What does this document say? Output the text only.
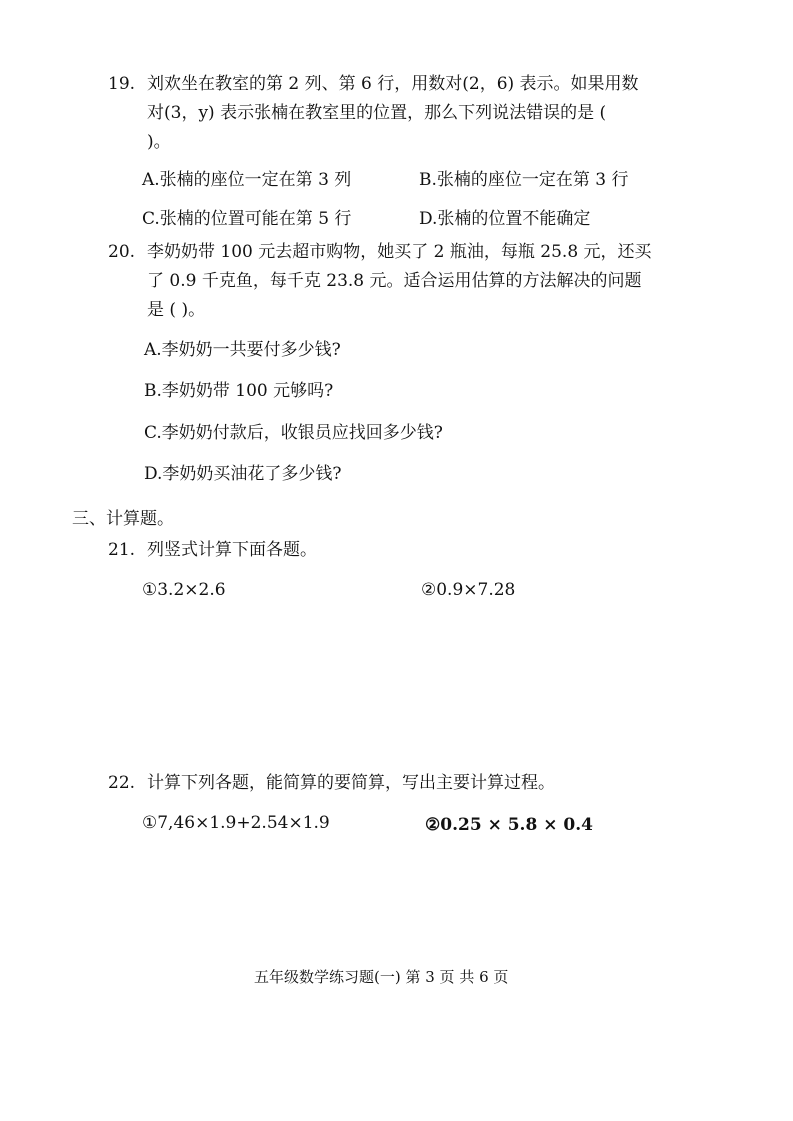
19. 刘欢坐在教室的第 2 列、第 6 行，用数对(2，6) 表示。如果用数
对(3，y) 表示张楠在教室里的位置，那么下列说法错误的是 (
)。
A.张楠的座位一定在第 3 列	B.张楠的座位一定在第 3 行
C.张楠的位置可能在第 5 行	D.张楠的位置不能确定
20. 李奶奶带 100 元去超市购物，她买了 2 瓶油，每瓶 25.8 元，还买
了 0.9 千克鱼，每千克 23.8 元。适合运用估算的方法解决的问题
是 ( )。
A.李奶奶一共要付多少钱?
B.李奶奶带 100 元够吗?
C.李奶奶付款后，收银员应找回多少钱?
D.李奶奶买油花了多少钱?
三、计算题。
21. 列竖式计算下面各题。
①3.2×2.6	②0.9×7.28
22. 计算下列各题，能简算的要简算，写出主要计算过程。
①7,46×1.9+2.54×1.9	②0.25 × 5.8 × 0.4
五年级数学练习题(一) 第 3 页 共 6 页
